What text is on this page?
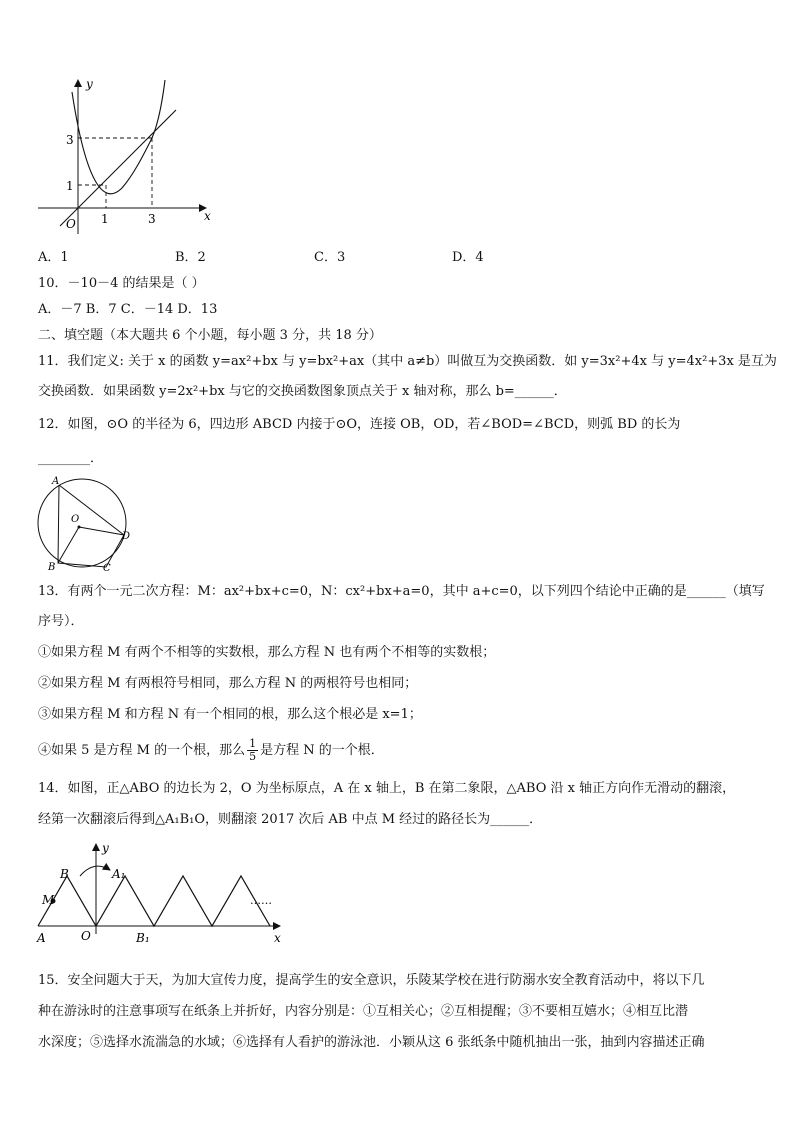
x
y
O 1	3
1
3
A．1	B．2	C．3	D．4
10．－10－4 的结果是（ ）
A．－7 B．7 C．－14 D．13
二、填空题（本大题共 6 个小题，每小题 3 分，共 18 分）
11．我们定义: 关于 x 的函数 y=ax²+bx 与 y=bx²+ax（其中 a≠b）叫做互为交换函数．如 y=3x²+4x 与 y=4x²+3x 是互为
交换函数．如果函数 y=2x²+bx 与它的交换函数图象顶点关于 x 轴对称，那么 b=______．
12．如图，⊙O 的半径为 6，四边形 ABCD 内接于⊙O，连接 OB，OD，若∠BOD=∠BCD，则弧 BD 的长为
________．
A
O
D
B	C
13．有两个一元二次方程：M：ax²+bx+c=0，N：cx²+bx+a=0，其中 a+c=0，以下列四个结论中正确的是______（填写
序号）．
①如果方程 M 有两个不相等的实数根，那么方程 N 也有两个不相等的实数根；
②如果方程 M 有两根符号相同，那么方程 N 的两根符号也相同；
③如果方程 M 和方程 N 有一个相同的根，那么这个根必是 x=1；
④如果 5 是方程 M 的一个根，那么 $\frac{1}{5}$ 是方程 N 的一个根．
14．如图，正△ABO 的边长为 2，O 为坐标原点，A 在 x 轴上，B 在第二象限，△ABO 沿 x 轴正方向作无滑动的翻滚，
经第一次翻滚后得到△A₁B₁O，则翻滚 2017 次后 AB 中点 M 经过的路径长为______．
y
B	A₁
M
A	O	B₁	x
……
15．安全问题大于天，为加大宣传力度，提高学生的安全意识，乐陵某学校在进行防溺水安全教育活动中，将以下几
种在游泳时的注意事项写在纸条上并折好，内容分别是：①互相关心；②互相提醒；③不要相互嬉水；④相互比潜
水深度；⑤选择水流湍急的水域；⑥选择有人看护的游泳池．小颖从这 6 张纸条中随机抽出一张，抽到内容描述正确
